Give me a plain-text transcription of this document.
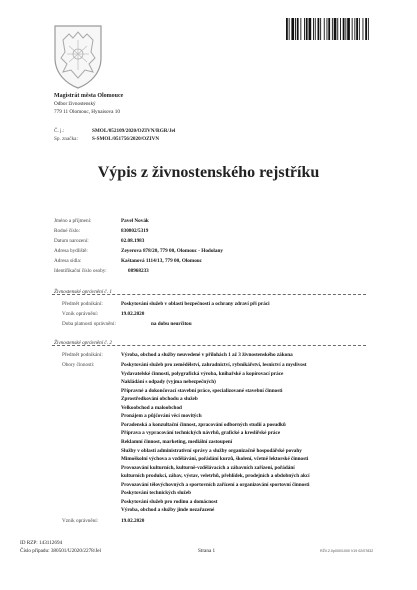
Magistrát města Olomouce
Odbor živnostenský
779 11 Olomouc, Hynaisova 10
Č. j.:	SMOL/052109/2020/OZIVN/RGR/Jel
Sp. značka:	S-SMOL/051756/2020/OZIVN
Výpis z živnostenského rejstříku
Jméno a příjmení:	Pavel Novák
Rodné číslo:	830802/5319
Datum narození:	02.08.1983
Adresa bydliště:	Zeyerova 878/20, 779 00, Olomouc - Hodolany
Adresa sídla:	Kaštanová 1114/13, 779 00, Olomouc
Identifikační číslo osoby:	08968233
Živnostenské oprávnění č. 1
Předmět podnikání:	Poskytování služeb v oblasti bezpečnosti a ochrany zdraví při práci
Vznik oprávnění:	19.02.2020
Doba platnosti oprávnění:	na dobu neurčitou
Živnostenské oprávnění č. 2
Předmět podnikání:	Výroba, obchod a služby neuvedené v přílohách 1 až 3 živnostenského zákona
Obory činnosti:	Poskytování služeb pro zemědělství, zahradnictví, rybníkářství, lesnictví a myslivost
Vydavatelské činnosti, polygrafická výroba, knihařské a kopírovací práce
Nakládání s odpady (vyjma nebezpečných)
Přípravné a dokončovací stavební práce, specializované stavební činnosti
Zprostředkování obchodu a služeb
Velkoobchod a maloobchod
Pronájem a půjčování věcí movitých
Poradenská a konzultační činnost, zpracování odborných studií a posudků
Příprava a vypracování technických návrhů, grafické a kreslířské práce
Reklamní činnost, marketing, mediální zastoupení
Služby v oblasti administrativní správy a služby organizačně hospodářské povahy
Mimoškolní výchova a vzdělávání, pořádání kurzů, školení, včetně lektorské činnosti
Provozování kulturních, kulturně-vzdělávacích a zábavních zařízení, pořádání
kulturních produkcí, zábav, výstav, veletrhů, přehlídek, prodejních a obdobných akcí
Provozování tělovýchovných a sportovních zařízení a organizování sportovní činnosti
Poskytování technických služeb
Poskytování služeb pro rodinu a domácnost
Výroba, obchod a služby jinde nezařazené
Vznik oprávnění:	19.02.2020
ID RZP: 143112694
Číslo případu: 380501/U2020/2278/Jel	Strana 1	RŽV.2.0p000/1000 V19 02/07832
